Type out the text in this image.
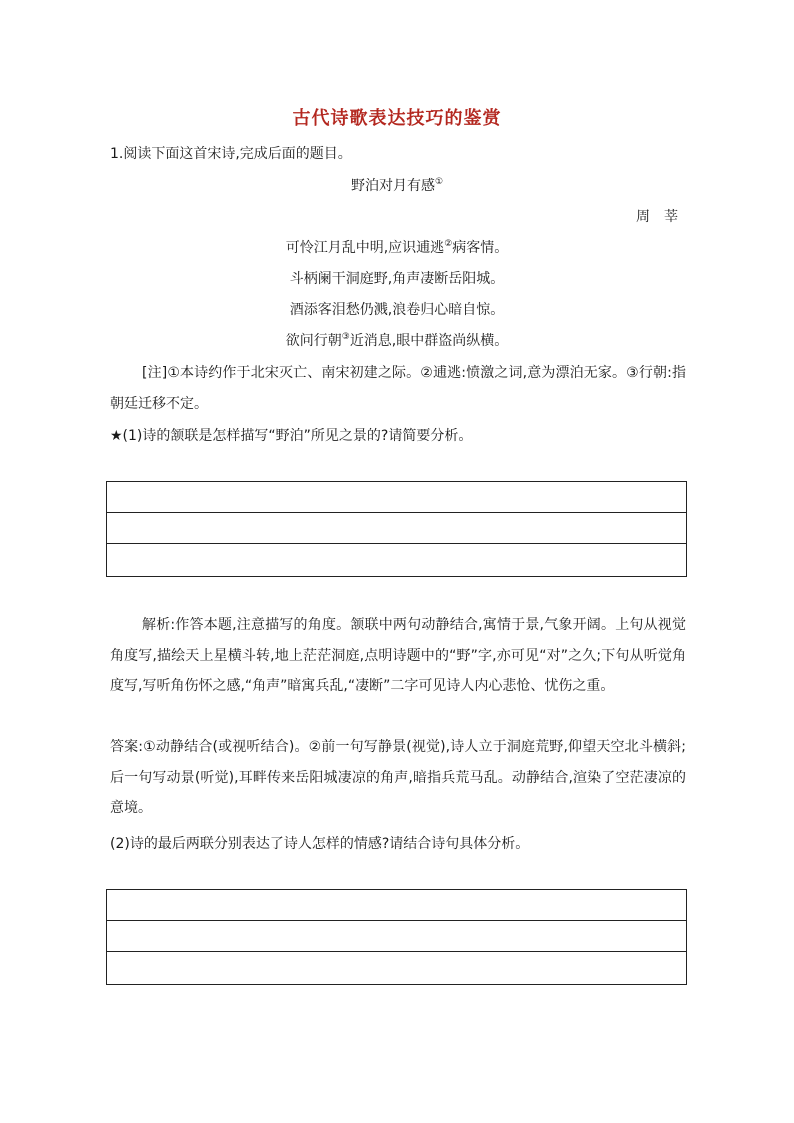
古代诗歌表达技巧的鉴赏
1.阅读下面这首宋诗,完成后面的题目。
野泊对月有感①
周　莘
可怜江月乱中明,应识逋逃②病客情。
斗柄阑干洞庭野,角声凄断岳阳城。
酒添客泪愁仍溅,浪卷归心暗自惊。
欲问行朝③近消息,眼中群盗尚纵横。
[注]①本诗约作于北宋灭亡、南宋初建之际。②逋逃:愤激之词,意为漂泊无家。③行朝:指朝廷迁移不定。
★(1)诗的颔联是怎样描写“野泊”所见之景的?请简要分析。
解析:作答本题,注意描写的角度。颔联中两句动静结合,寓情于景,气象开阔。上句从视觉角度写,描绘天上星横斗转,地上茫茫洞庭,点明诗题中的“野”字,亦可见“对”之久;下句从听觉角度写,写听角伤怀之感,“角声”暗寓兵乱,“凄断”二字可见诗人内心悲怆、忧伤之重。
答案:①动静结合(或视听结合)。②前一句写静景(视觉),诗人立于洞庭荒野,仰望天空北斗横斜;后一句写动景(听觉),耳畔传来岳阳城凄凉的角声,暗指兵荒马乱。动静结合,渲染了空茫凄凉的意境。
(2)诗的最后两联分别表达了诗人怎样的情感?请结合诗句具体分析。
